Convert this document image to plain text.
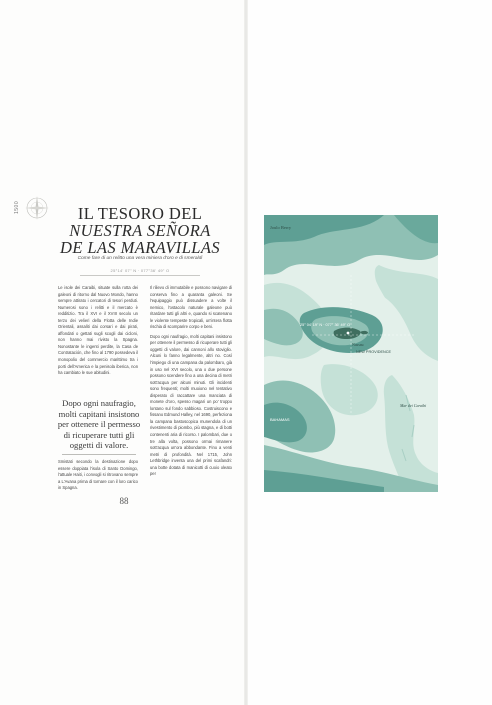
1500	IL TESORO DEL
NUESTRA SEÑORA
DE LAS MARAVILLAS
Come fare di un relitto una vera miniera d'oro e di smeraldi
25°14' 07" N · 077°36' 49" O

Le isole dei Caraibi, situate sulla rotta dei galeoni di ritorno dal Nuovo Mondo, hanno sempre attirato i cercatori di tesori perduti. Numerosi sono i relitti e il mercato è redditizio. Tra il XVI e il XVIII secolo un terzo dei velieri della Flotta delle Indie Orientali, assaliti dai corsari e dai pirati, affondati o gettati sugli scogli dai cicloni, non hanno mai rivisto la Spagna. Nonostante le ingenti perdite, la Casa de Contratación, che fino al 1790 possedeva il monopolio del commercio marittimo tra i porti dell'America e la penisola iberica, non ha cambiato le sue abitudini.

Dopo ogni naufragio, molti capitani insistono per ottenere il permesso di ricuperare tutti gli oggetti di valore.

Smistati secondo la destinazione dopo essere doppiata l'isola di Santo Domingo, l'attuale Haiti, i convogli si ritrovano sempre a L'Avana prima di tornare con il loro carico in Spagna.

Il rilievo di immutabile e possono navigare di conserva fino a quaranta galeoni. Se l'equipaggio può dissuadere a volte il nemico, l'ostacolo naturale galeone può ritardare tutti gli altri e, quando si scatenano le violente tempeste tropicali, un'intera flotta rischia di scomparire corpo e beni.

Dopo ogni naufragio, molti capitani insistono per ottenere il permesso di ricuperare tutti gli oggetti di valore, dai cannoni allo stoviglio. Alcuni lo fanno legalmente, altri no. Così l'impiego di una campana da palombaro, già in uso nel XVI secolo, una o due persone possono scendere fino a una decina di metri sott'acqua per alcuni minuti. Gli incidenti sono frequenti; molti muoiono nel tentativo disperato di raccattare una manciata di monete d'oro, spesso magari un po' troppo lontano sul fondo sabbioso. Costruiscono e fissano Edmund Halley, nel 1690, perfeziona la campana bastoscopica munendola di un rivestimento di piombo, più stagna, e di botti contenenti aria di ricorso. I palombari, due o tre alla volta, possono ormai rimanere sott'acqua un'ora abbondante. Fino a venti metri di profondità. Nel 1715, John Lethbridge inventa una del primi scafandri: una botte dotata di manicotti di cuoio oleato per

88
Joulo Berry
25° 04' 19" N · 077° 36' 49" O
Nassau
NEW PROVIDENCE
Mar dei Caraibi
BAHAMAS
